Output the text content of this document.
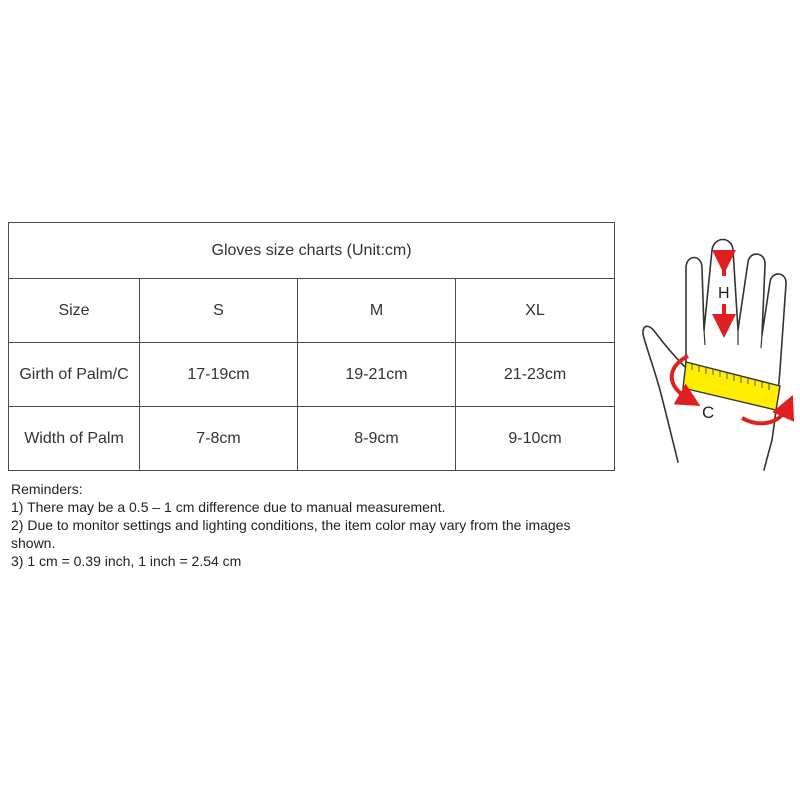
Gloves size charts (Unit:cm)			
Size	S	M	XL
Girth of Palm/C	17-19cm	19-21cm	21-23cm
Width of Palm	7-8cm	8-9cm	9-10cm
Reminders:
1) There may be a 0.5 – 1 cm difference due to manual measurement.
2) Due to monitor settings and lighting conditions, the item color may vary from the images shown.
3) 1 cm = 0.39 inch, 1 inch = 2.54 cm
H
C
